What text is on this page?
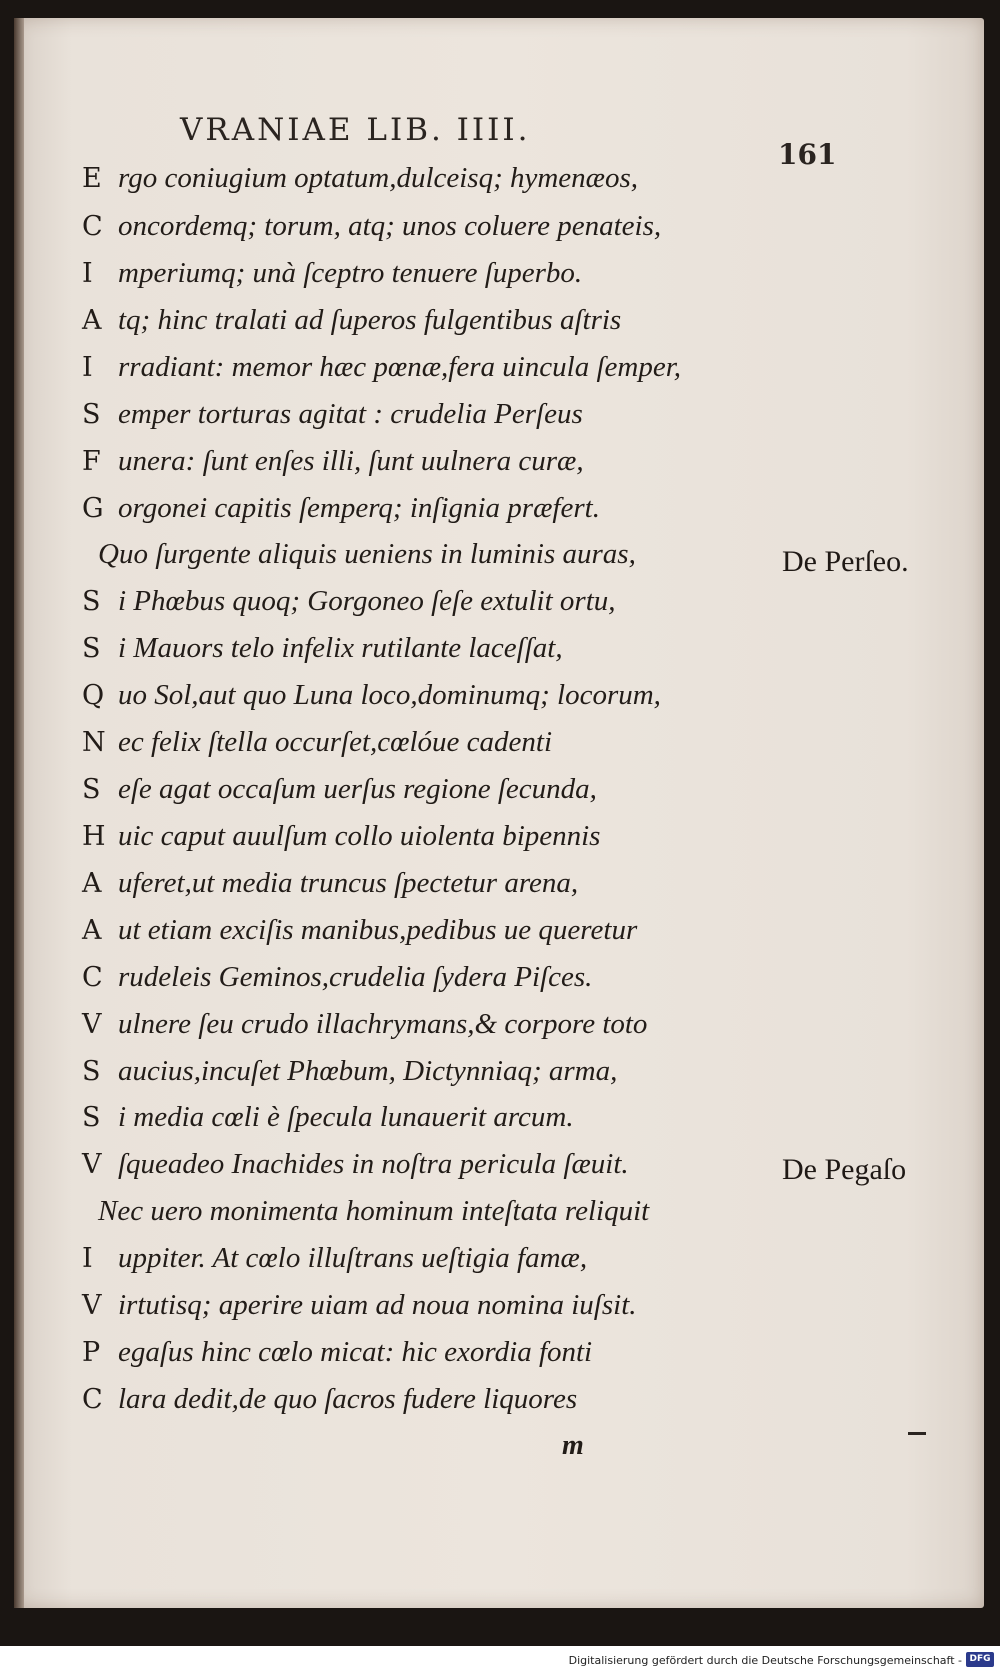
VRANIAE LIB. IIII.
161
E rgo coniugium optatum,dulceisq; hymenæos,
C oncordemq; torum, atq; unos coluere penateis,
I mperiumq; unà ſceptro tenuere ſuperbo.
A tq; hinc tralati ad ſuperos fulgentibus aſtris
I rradiant: memor hæc pœnæ,fera uincula ſemper,
S emper torturas agitat : crudelia Perſeus
F unera: ſunt enſes illi, ſunt uulnera curæ,
G orgonei capitis ſemperq; inſignia præfert.
Quo ſurgente aliquis ueniens in luminis auras,
S i Phœbus quoq; Gorgoneo ſeſe extulit ortu,
S i Mauors telo infelix rutilante laceſſat,
Q uo Sol,aut quo Luna loco,dominumq; locorum,
N ec felix ſtella occurſet,cœlóue cadenti
S eſe agat occaſum uerſus regione ſecunda,
H uic caput auulſum collo uiolenta bipennis
A uferet,ut media truncus ſpectetur arena,
A ut etiam exciſis manibus,pedibus ue queretur
C rudeleis Geminos,crudelia ſydera Piſces.
V ulnere ſeu crudo illachrymans,& corpore toto
S aucius,incuſet Phœbum, Dictynniaq; arma,
S i media cœli è ſpecula lunauerit arcum.
V ſqueadeo Inachides in noſtra pericula ſæuit.
Nec uero monimenta hominum inteſtata reliquit
I uppiter. At cœlo illuſtrans ueſtigia famæ,
V irtutisq; aperire uiam ad noua nomina iuſsit.
P egaſus hinc cœlo micat: hic exordia fonti
C lara dedit,de quo ſacros fudere liquores
De Perſeo.
De Pegaſo
m
Digitalisierung gefördert durch die Deutsche Forschungsgemeinschaft - DFG
